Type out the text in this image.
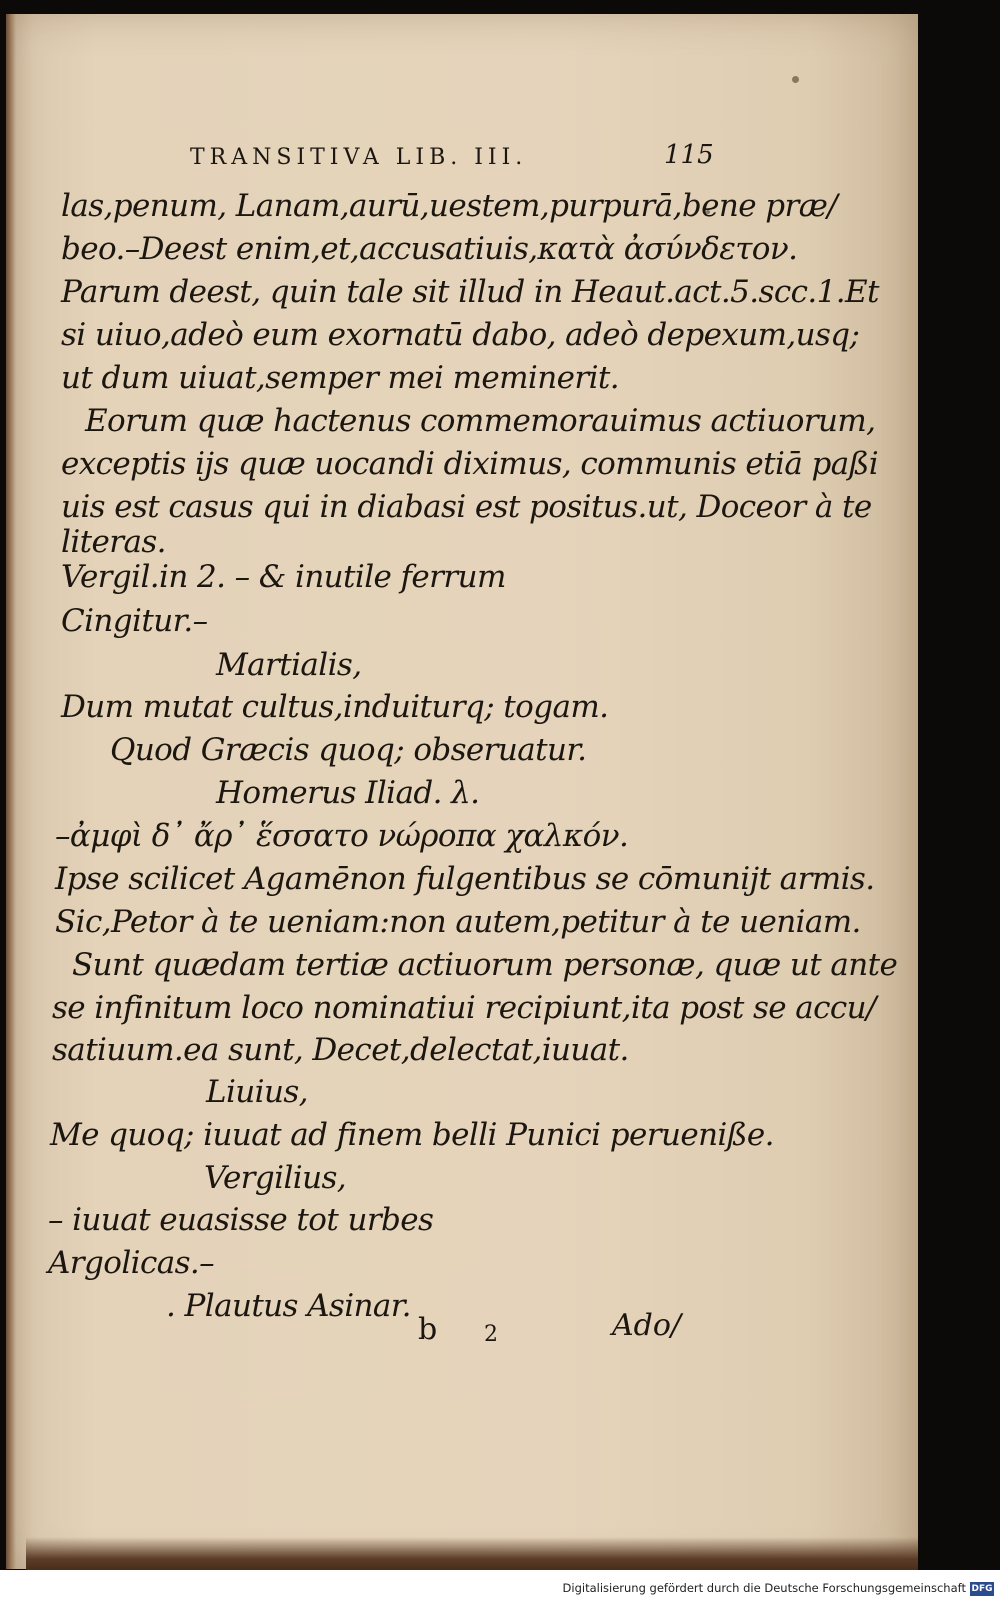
TRANSITIVA LIB. III.	115
las,penum, Lanam,aurū,uestem,purpurā,bene præ/
beo.–Deest enim,et,accusatiuis,κατὰ ἀσύνδετον.
Parum deest, quin tale sit illud in Heaut.act.5.scc.1.Et
si uiuo,adeò eum exornatū dabo, adeò depexum,usq;
ut dum uiuat,semper mei meminerit.
Eorum quæ hactenus commemorauimus actiuorum,
exceptis ijs quæ uocandi diximus, communis etiā paßi
uis est casus qui in diabasi est positus.ut, Doceor à te
literas.
Vergil.in 2. – & inutile ferrum
Cingitur.–
Martialis,
Dum mutat cultus,induiturq; togam.
Quod Græcis quoq; obseruatur.
Homerus Iliad. λ.
–ἀμφὶ δ᾽ ἄρ᾽ ἕσσατο νώροπα χαλκόν.
Ipse scilicet Agamēnon fulgentibus se cōmunijt armis.
Sic,Petor à te ueniam:non autem,petitur à te ueniam.
Sunt quædam tertiæ actiuorum personæ, quæ ut ante
se infinitum loco nominatiui recipiunt,ita post se accu/
satiuum.ea sunt, Decet,delectat,iuuat.
Liuius,
Me quoq; iuuat ad finem belli Punici perueniße.
Vergilius,
– iuuat euasisse tot urbes
Argolicas.–
. Plautus Asinar.
b 2	Ado/
Digitalisierung gefördert durch die Deutsche Forschungsgemeinschaft DFG
